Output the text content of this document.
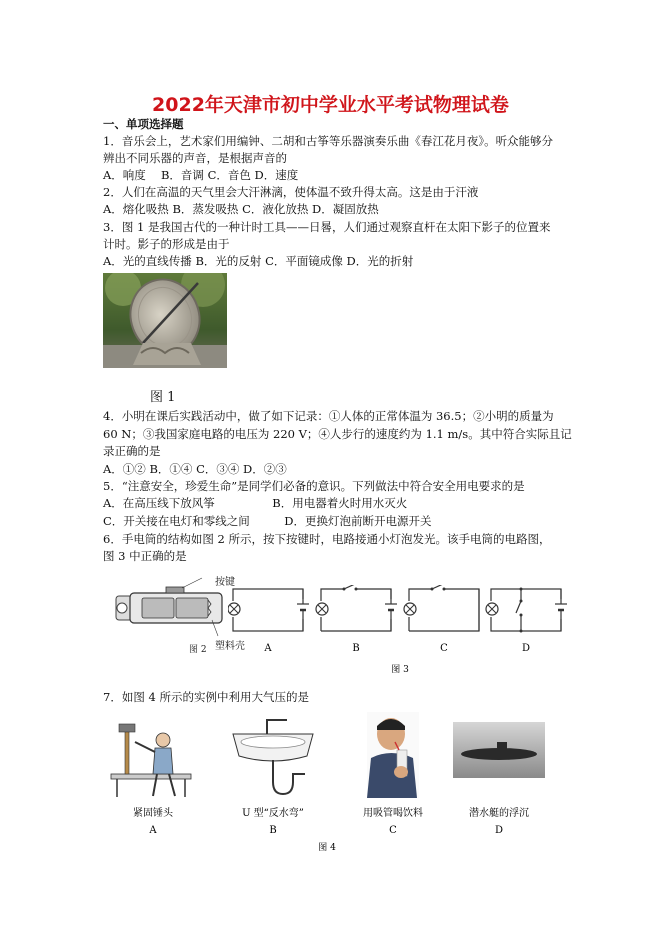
2022年天津市初中学业水平考试物理试卷
一、单项选择题
1．音乐会上，艺术家们用编钟、二胡和古筝等乐器演奏乐曲《春江花月夜》。听众能够分
辨出不同乐器的声音，是根据声音的
A．响度　 B．音调 C．音色 D．速度
2．人们在高温的天气里会大汗淋漓，使体温不致升得太高。这是由于汗液
A．熔化吸热 B．蒸发吸热 C．液化放热 D．凝固放热
3．图 1 是我国古代的一种计时工具——日晷，人们通过观察直杆在太阳下影子的位置来
计时。影子的形成是由于
A．光的直线传播 B．光的反射 C．平面镜成像 D．光的折射
图 1
4．小明在课后实践活动中，做了如下记录：①人体的正常体温为 36.5；②小明的质量为
60 N；③我国家庭电路的电压为 220 V；④人步行的速度约为 1.1 m/s。其中符合实际且记
录正确的是
A．①② B．①④ C．③④ D．②③
5．“注意安全，珍爱生命”是同学们必备的意识。下列做法中符合安全用电要求的是
A．在高压线下放风筝　　　　　B．用电器着火时用水灭火
C．开关接在电灯和零线之间　　　D．更换灯泡前断开电源开关
6．手电筒的结构如图 2 所示，按下按键时，电路接通小灯泡发光。该手电筒的电路图，
图 3 中正确的是
图 2
按键
塑料壳 A	B	C	D
图 3
7．如图 4 所示的实例中利用大气压的是
紧固锤头
A
U 型“反水弯”
B
用吸管喝饮料
C
潜水艇的浮沉
D
图 4
